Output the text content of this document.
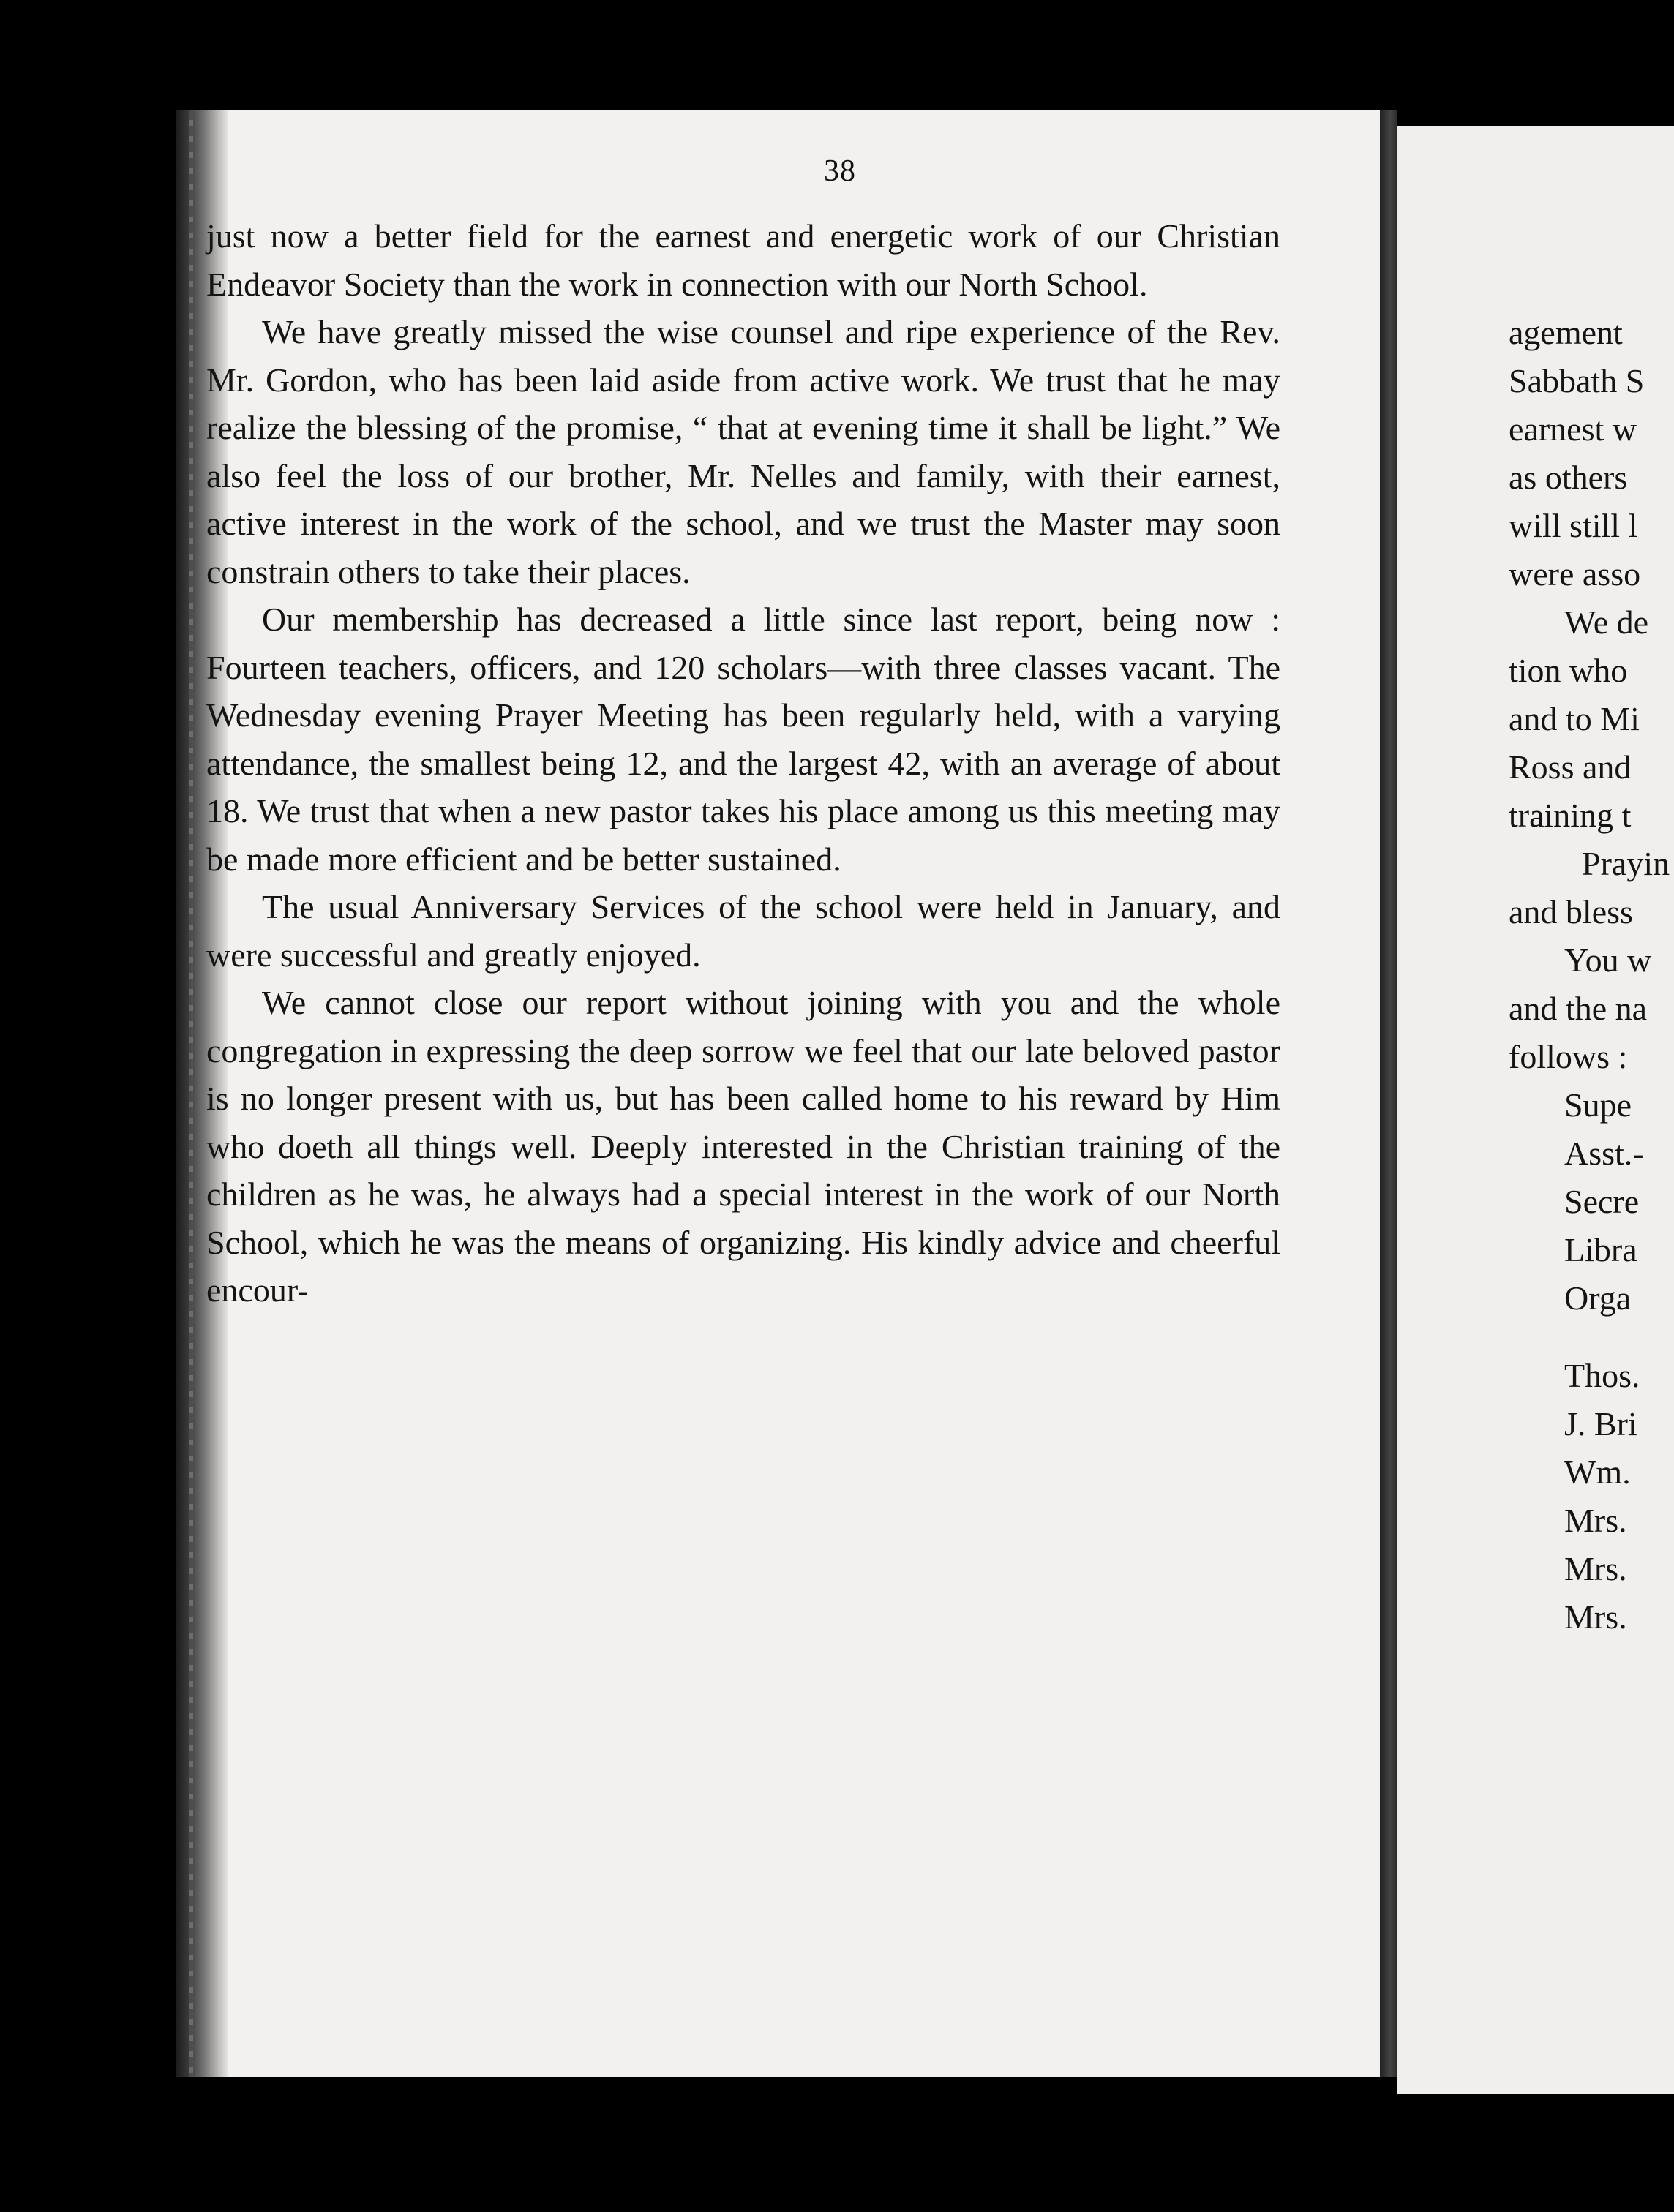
38

just now a better field for the earnest and energetic work of our Christian Endeavor Society than the work in connection with our North School.

We have greatly missed the wise counsel and ripe experience of the Rev. Mr. Gordon, who has been laid aside from active work. We trust that he may realize the blessing of the promise, “ that at evening time it shall be light.” We also feel the loss of our brother, Mr. Nelles and family, with their earnest, active interest in the work of the school, and we trust the Master may soon constrain others to take their places.

Our membership has decreased a little since last report, being now : Fourteen teachers, officers, and 120 scholars—with three classes vacant. The Wednesday evening Prayer Meeting has been regularly held, with a varying attendance, the smallest being 12, and the largest 42, with an average of about 18. We trust that when a new pastor takes his place among us this meeting may be made more efficient and be better sustained.

The usual Anniversary Services of the school were held in January, and were successful and greatly enjoyed.

We cannot close our report without joining with you and the whole congregation in expressing the deep sorrow we feel that our late beloved pastor is no longer present with us, but has been called home to his reward by Him who doeth all things well. Deeply interested in the Christian training of the children as he was, he always had a special interest in the work of our North School, which he was the means of organizing. His kindly advice and cheerful encour-

agement
Sabbath S
earnest w
as others
will still l
were asso
We de
tion who
and to Mi
Ross and
training t
Prayin
and bless
You w
and the na
follows :
Supe
Asst.-
Secre
Libra
Orga
Thos.
J. Bri
Wm.
Mrs.
Mrs.
Mrs.
